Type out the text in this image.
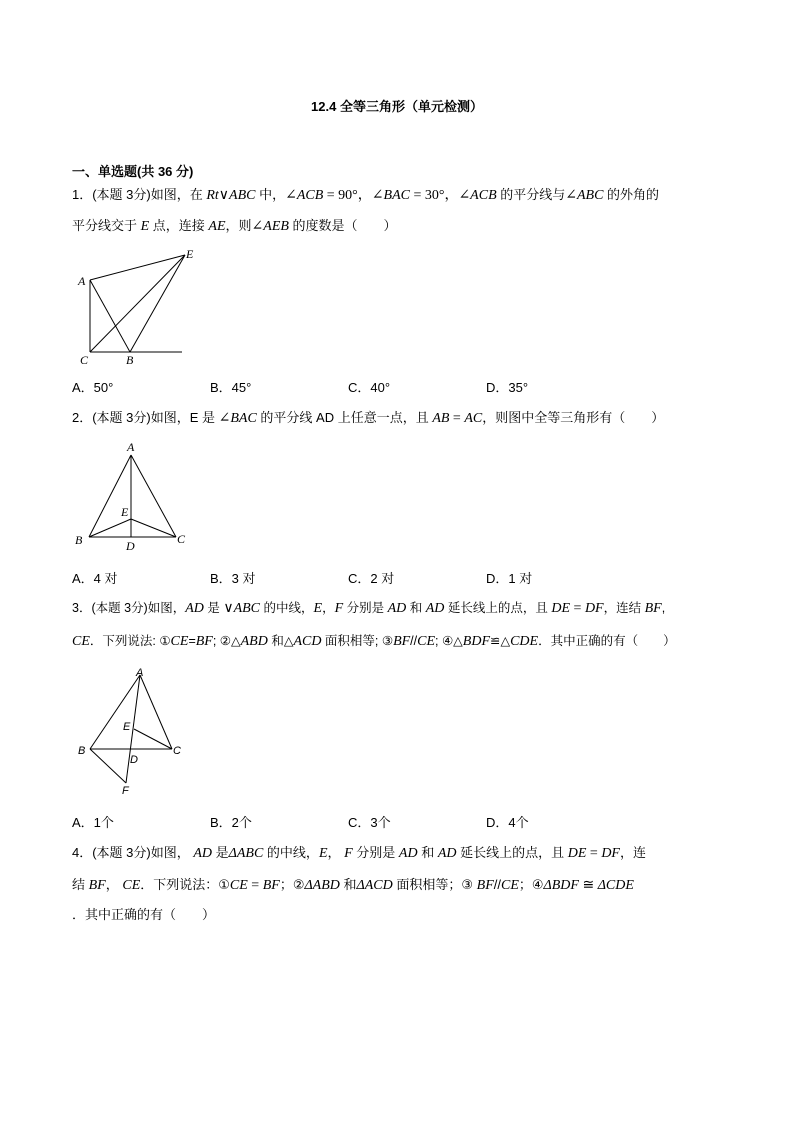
12.4 全等三角形（单元检测）
一、单选题(共 36 分)
1．(本题 3分)如图，在 Rt∨ABC 中，∠ACB = 90°，∠BAC = 30°，∠ACB 的平分线与∠ABC 的外角的
平分线交于 E 点，连接 AE，则∠AEB 的度数是（　　）
A
E
C	B
A．50°	B．45°	C．40°	D．35°
2．(本题 3分)如图，E 是 ∠BAC 的平分线 AD 上任意一点，且 AB = AC，则图中全等三角形有（　　）
A
E
B	D	C
A．4 对	B．3 对	C．2 对	D．1 对
3．(本题 3分)如图，AD 是 ∨ABC 的中线，E，F 分别是 AD 和 AD 延长线上的点，且 DE = DF，连结 BF,
CE．下列说法: ①CE=BF; ②△ABD 和△ACD 面积相等; ③BF//CE; ④△BDF≌△CDE．其中正确的有（　　）
A
E
B
D
C
F
A．1个	B．2个	C．3个	D．4个
4．(本题 3分)如图， AD 是ΔABC 的中线，E， F 分别是 AD 和 AD 延长线上的点，且 DE = DF，连
结 BF， CE．下列说法：①CE = BF；②ΔABD 和ΔACD 面积相等；③ BF//CE；④ΔBDF ≅ ΔCDE
．其中正确的有（　　）
